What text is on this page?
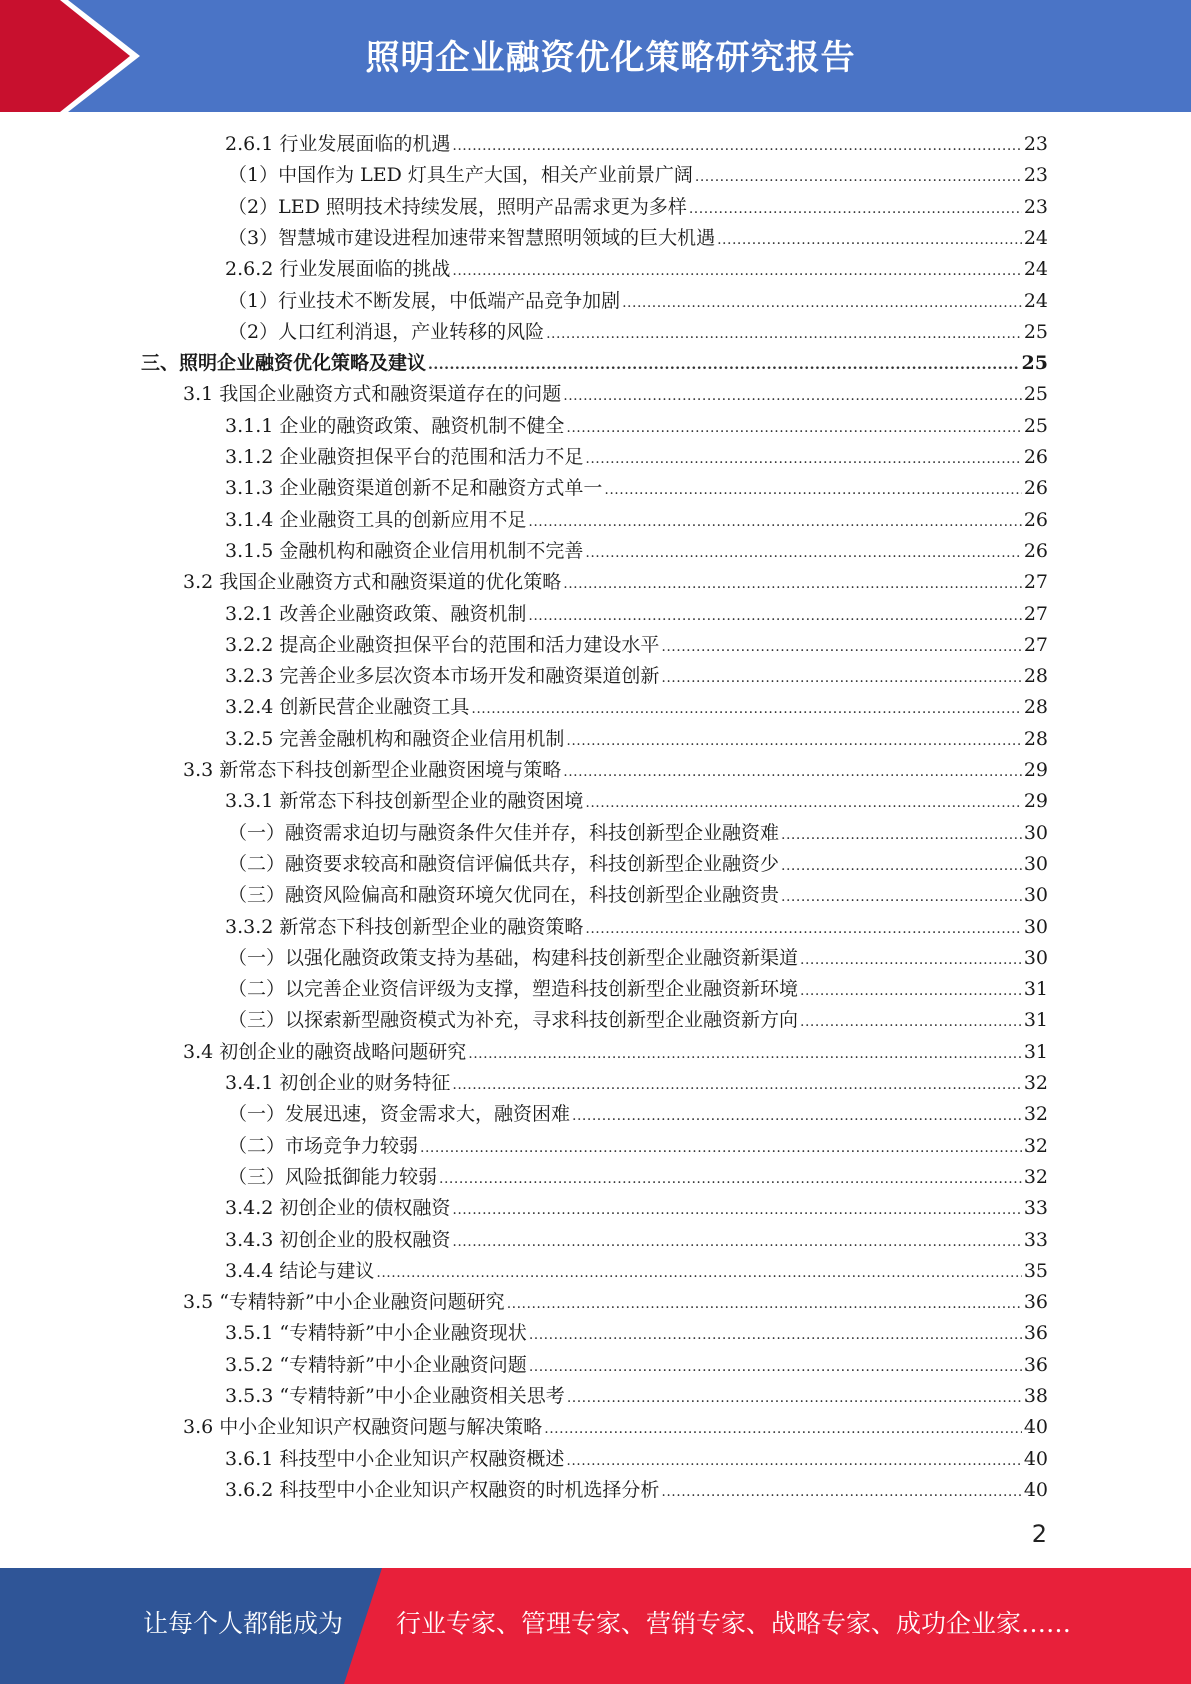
照明企业融资优化策略研究报告
2.6.1 行业发展面临的机遇 .....	23
（1）中国作为 LED 灯具生产大国，相关产业前景广阔 .....	23
（2）LED 照明技术持续发展，照明产品需求更为多样 .....	23
（3）智慧城市建设进程加速带来智慧照明领域的巨大机遇 .....	24
2.6.2 行业发展面临的挑战 .....	24
（1）行业技术不断发展，中低端产品竞争加剧 .....	24
（2）人口红利消退，产业转移的风险 .....	25
三、照明企业融资优化策略及建议 .....	25
3.1 我国企业融资方式和融资渠道存在的问题 .....	25
3.1.1 企业的融资政策、融资机制不健全 .....	25
3.1.2 企业融资担保平台的范围和活力不足 .....	26
3.1.3 企业融资渠道创新不足和融资方式单一 .....	26
3.1.4 企业融资工具的创新应用不足 .....	26
3.1.5 金融机构和融资企业信用机制不完善 .....	26
3.2 我国企业融资方式和融资渠道的优化策略 .....	27
3.2.1 改善企业融资政策、融资机制 .....	27
3.2.2 提高企业融资担保平台的范围和活力建设水平 .....	27
3.2.3 完善企业多层次资本市场开发和融资渠道创新 .....	28
3.2.4 创新民营企业融资工具 .....	28
3.2.5 完善金融机构和融资企业信用机制 .....	28
3.3 新常态下科技创新型企业融资困境与策略 .....	29
3.3.1 新常态下科技创新型企业的融资困境 .....	29
（一）融资需求迫切与融资条件欠佳并存，科技创新型企业融资难 .....	30
（二）融资要求较高和融资信评偏低共存，科技创新型企业融资少 .....	30
（三）融资风险偏高和融资环境欠优同在，科技创新型企业融资贵 .....	30
3.3.2 新常态下科技创新型企业的融资策略 .....	30
（一）以强化融资政策支持为基础，构建科技创新型企业融资新渠道 .....	30
（二）以完善企业资信评级为支撑，塑造科技创新型企业融资新环境 .....	31
（三）以探索新型融资模式为补充，寻求科技创新型企业融资新方向 .....	31
3.4 初创企业的融资战略问题研究 .....	31
3.4.1 初创企业的财务特征 .....	32
（一）发展迅速，资金需求大，融资困难 .....	32
（二）市场竞争力较弱 .....	32
（三）风险抵御能力较弱 .....	32
3.4.2 初创企业的债权融资 .....	33
3.4.3 初创企业的股权融资 .....	33
3.4.4 结论与建议 .....	35
3.5 “专精特新”中小企业融资问题研究 .....	36
3.5.1 “专精特新”中小企业融资现状 .....	36
3.5.2 “专精特新”中小企业融资问题 .....	36
3.5.3 “专精特新”中小企业融资相关思考 .....	38
3.6 中小企业知识产权融资问题与解决策略 .....	40
3.6.1 科技型中小企业知识产权融资概述 .....	40
3.6.2 科技型中小企业知识产权融资的时机选择分析 .....	40
2
让每个人都能成为 行业专家、管理专家、营销专家、战略专家、成功企业家……
